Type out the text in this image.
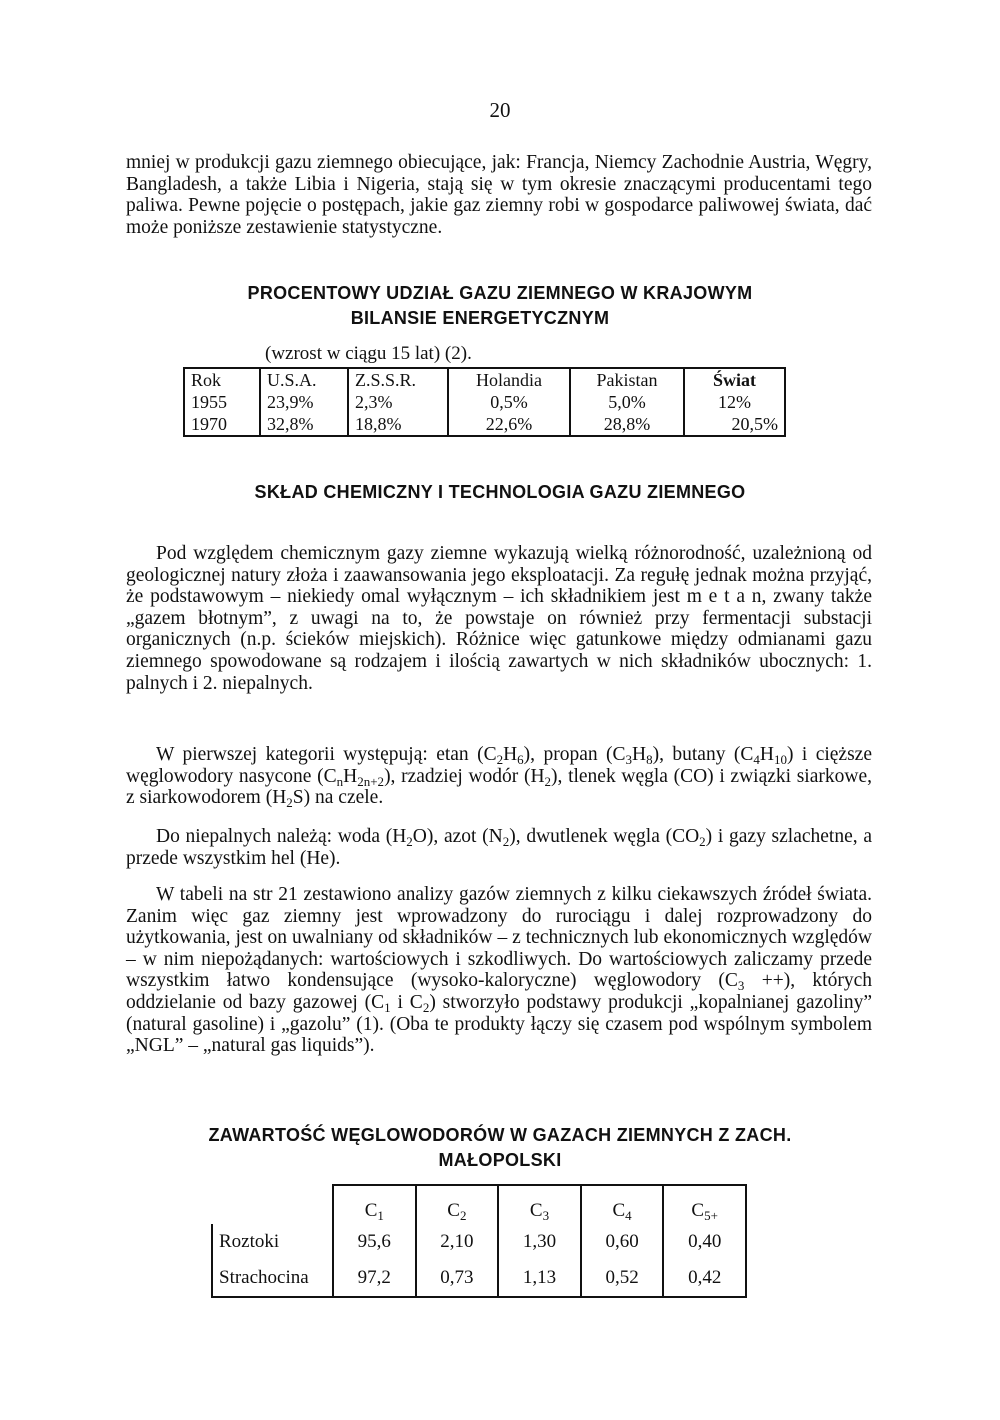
20

mniej w produkcji gazu ziemnego obiecujące, jak: Francja, Niemcy Zachodnie Austria, Węgry, Bangladesh, a także Libia i Nigeria, stają się w tym okresie znaczącymi producentami tego paliwa. Pewne pojęcie o postępach, jakie gaz ziemny robi w gospodarce paliwowej świata, dać może poniższe zestawienie statystyczne.

PROCENTOWY UDZIAŁ GAZU ZIEMNEGO W KRAJOWYM
BILANSIE ENERGETYCZNYM
(wzrost w ciągu 15 lat) (2).
Rok	U.S.A.	Z.S.S.R.	Holandia	Pakistan	Świat
1955	23,9%	2,3%	0,5%	5,0%	12%
1970	32,8%	18,8%	22,6%	28,8%	20,5%
SKŁAD CHEMICZNY I TECHNOLOGIA GAZU ZIEMNEGO

Pod względem chemicznym gazy ziemne wykazują wielką różnorodność, uzależnioną od geologicznej natury złoża i zaawansowania jego eksploatacji. Za regułę jednak można przyjąć, że podstawowym – niekiedy omal wyłącznym – ich składnikiem jest m e t a n, zwany także „gazem błotnym”, z uwagi na to, że powstaje on również przy fermentacji substacji organicznych (n.p. ścieków miejskich). Różnice więc gatunkowe między odmianami gazu ziemnego spowodowane są rodzajem i ilością zawartych w nich składników ubocznych: 1. palnych i 2. niepalnych.

W pierwszej kategorii występują: etan $(C_2H_6)$, propan $(C_3H_8)$, butany $(C_4H_{10})$ i cięższe węglowodory nasycone $(C_nH_{2n+2})$, rzadziej wodór $(H_2)$, tlenek węgla (CO) i związki siarkowe, z siarkowodorem $(H_2S)$ na czele.

Do niepalnych należą: woda $(H_2O)$, azot $(N_2)$, dwutlenek węgla $(CO_2)$ i gazy szlachetne, a przede wszystkim hel (He).

W tabeli na str 21 zestawiono analizy gazów ziemnych z kilku ciekawszych źródeł świata. Zanim więc gaz ziemny jest wprowadzony do rurociągu i dalej rozprowadzony do użytkowania, jest on uwalniany od składników – z technicznych lub ekonomicznych względów – w nim niepożądanych: wartościowych i szkodliwych. Do wartościowych zaliczamy przede wszystkim łatwo kondensujące (wysoko-kaloryczne) węglowodory ($C_3$ ++), których oddzielanie od bazy gazowej ($C_1$ i $C_2$) stworzyło podstawy produkcji „kopalnianej gazoliny” (natural gasoline) i „gazolu” (1). (Oba te produkty łączy się czasem pod wspólnym symbolem „NGL” – „natural gas liquids”).

ZAWARTOŚĆ WĘGLOWODORÓW W GAZACH ZIEMNYCH Z ZACH.
MAŁOPOLSKI
	$C_1$	$C_2$	$C_3$	$C_4$	$C_{5+}$
Roztoki	95,6	2,10	1,30	0,60	0,40
Strachocina	97,2	0,73	1,13	0,52	0,42
